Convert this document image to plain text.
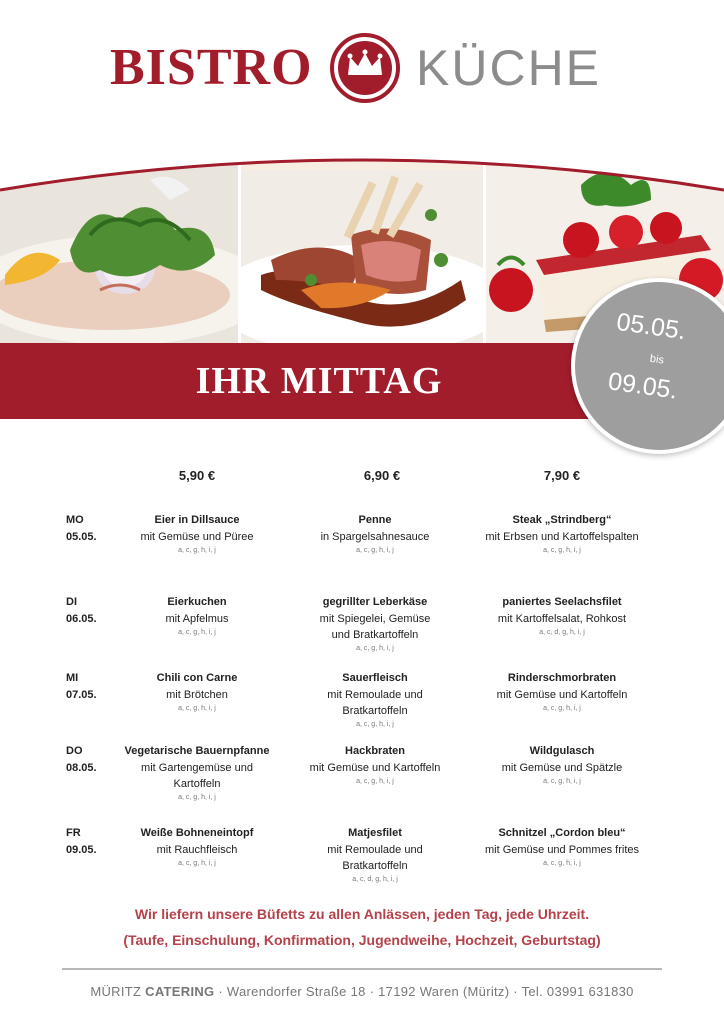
BISTRO KÜCHE
IHR MITTAG
05.05.
bis
09.05.
5,90 €	6,90 €	7,90 €
MO
05.05.
Eier in Dillsauce
mit Gemüse und Püree
a, c, g, h, i, j
Penne
in Spargelsahnesauce
a, c, g, h, i, j
Steak „Strindberg“
mit Erbsen und Kartoffelspalten
a, c, g, h, i, j
DI
06.05.
Eierkuchen
mit Apfelmus
a, c, g, h, i, j
gegrillter Leberkäse
mit Spiegelei, Gemüse
und Bratkartoffeln
a, c, g, h, i, j
paniertes Seelachsfilet
mit Kartoffelsalat, Rohkost
a, c, d, g, h, i, j
MI
07.05.
Chili con Carne
mit Brötchen
a, c, g, h, i, j
Sauerfleisch
mit Remoulade und
Bratkartoffeln
a, c, g, h, i, j
Rinderschmorbraten
mit Gemüse und Kartoffeln
a, c, g, h, i, j
DO
08.05.
Vegetarische Bauernpfanne
mit Gartengemüse und
Kartoffeln
a, c, g, h, i, j
Hackbraten
mit Gemüse und Kartoffeln
a, c, g, h, i, j
Wildgulasch
mit Gemüse und Spätzle
a, c, g, h, i, j
FR
09.05.
Weiße Bohneneintopf
mit Rauchfleisch
a, c, g, h, i, j
Matjesfilet
mit Remoulade und
Bratkartoffeln
a, c, d, g, h, i, j
Schnitzel „Cordon bleu“
mit Gemüse und Pommes frites
a, c, g, h, i, j
Wir liefern unsere Büfetts zu allen Anlässen, jeden Tag, jede Uhrzeit.
(Taufe, Einschulung, Konfirmation, Jugendweihe, Hochzeit, Geburtstag)
MÜRITZ CATERING · Warendorfer Straße 18 · 17192 Waren (Müritz) · Tel. 03991 631830
